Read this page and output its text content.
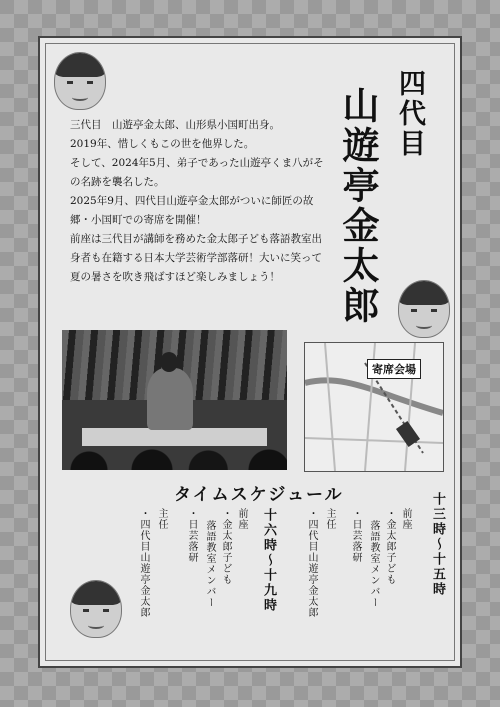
四代目
山遊亭金太郎

三代目　山遊亭金太郎、山形県小国町出身。

2019年、惜しくもこの世を他界した。

そして、2024年5月、弟子であった山遊亭くま八がその名跡を襲名した。

2025年9月、四代目山遊亭金太郎がついに師匠の故郷・小国町での寄席を開催！

前座は三代目が講師を務めた金太郎子ども落語教室出身者も在籍する日本大学芸術学部落研！大いに笑って夏の暑さを吹き飛ばすほど楽しみましょう！

寄席会場
タイムスケジュール	十三時〜十五時
前座
・金太郎子ども
落語教室メンバー
・日芸落研
主任
・四代目山遊亭金太郎
十六時〜十九時
前座
・金太郎子ども
落語教室メンバー
・日芸落研
主任
・四代目山遊亭金太郎
